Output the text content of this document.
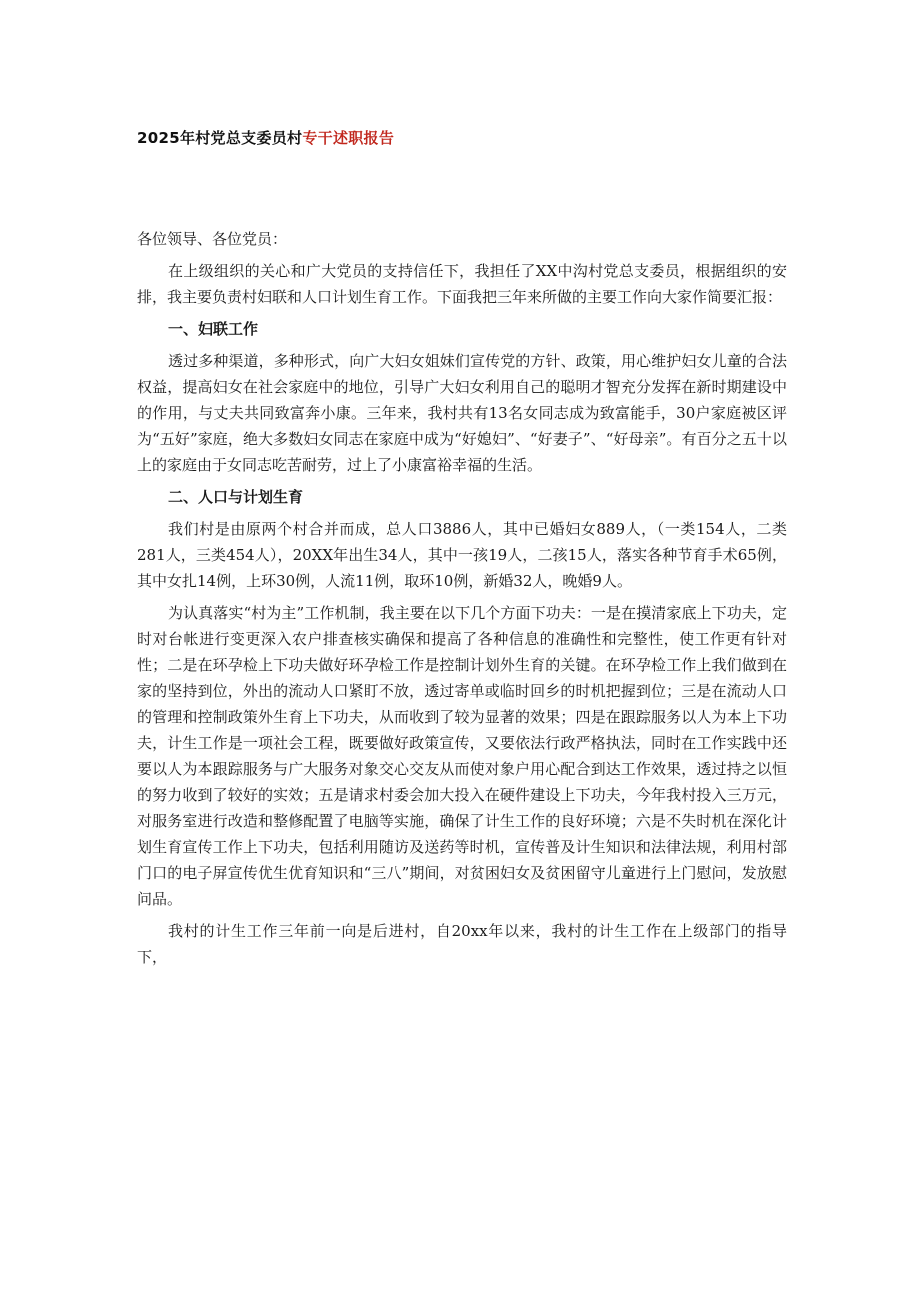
2025年村党总支委员村专干述职报告

各位领导、各位党员：

在上级组织的关心和广大党员的支持信任下，我担任了XX中沟村党总支委员，根据组织的安排，我主要负责村妇联和人口计划生育工作。下面我把三年来所做的主要工作向大家作简要汇报：

一、妇联工作

透过多种渠道，多种形式，向广大妇女姐妹们宣传党的方针、政策，用心维护妇女儿童的合法权益，提高妇女在社会家庭中的地位，引导广大妇女利用自己的聪明才智充分发挥在新时期建设中的作用，与丈夫共同致富奔小康。三年来，我村共有13名女同志成为致富能手，30户家庭被区评为“五好”家庭，绝大多数妇女同志在家庭中成为“好媳妇”、“好妻子”、“好母亲”。有百分之五十以上的家庭由于女同志吃苦耐劳，过上了小康富裕幸福的生活。

二、人口与计划生育

我们村是由原两个村合并而成，总人口3886人，其中已婚妇女889人，（一类154人，二类281人，三类454人），20XX年出生34人，其中一孩19人，二孩15人，落实各种节育手术65例，其中女扎14例，上环30例，人流11例，取环10例，新婚32人，晚婚9人。

为认真落实“村为主”工作机制，我主要在以下几个方面下功夫：一是在摸清家底上下功夫，定时对台帐进行变更深入农户排查核实确保和提高了各种信息的准确性和完整性，使工作更有针对性；二是在环孕检上下功夫做好环孕检工作是控制计划外生育的关键。在环孕检工作上我们做到在家的坚持到位，外出的流动人口紧盯不放，透过寄单或临时回乡的时机把握到位；三是在流动人口的管理和控制政策外生育上下功夫，从而收到了较为显著的效果；四是在跟踪服务以人为本上下功夫，计生工作是一项社会工程，既要做好政策宣传，又要依法行政严格执法，同时在工作实践中还要以人为本跟踪服务与广大服务对象交心交友从而使对象户用心配合到达工作效果，透过持之以恒的努力收到了较好的实效；五是请求村委会加大投入在硬件建设上下功夫，今年我村投入三万元，对服务室进行改造和整修配置了电脑等实施，确保了计生工作的良好环境；六是不失时机在深化计划生育宣传工作上下功夫，包括利用随访及送药等时机，宣传普及计生知识和法律法规，利用村部门口的电子屏宣传优生优育知识和“三八”期间，对贫困妇女及贫困留守儿童进行上门慰问，发放慰问品。

我村的计生工作三年前一向是后进村，自20xx年以来，我村的计生工作在上级部门的指导下，
